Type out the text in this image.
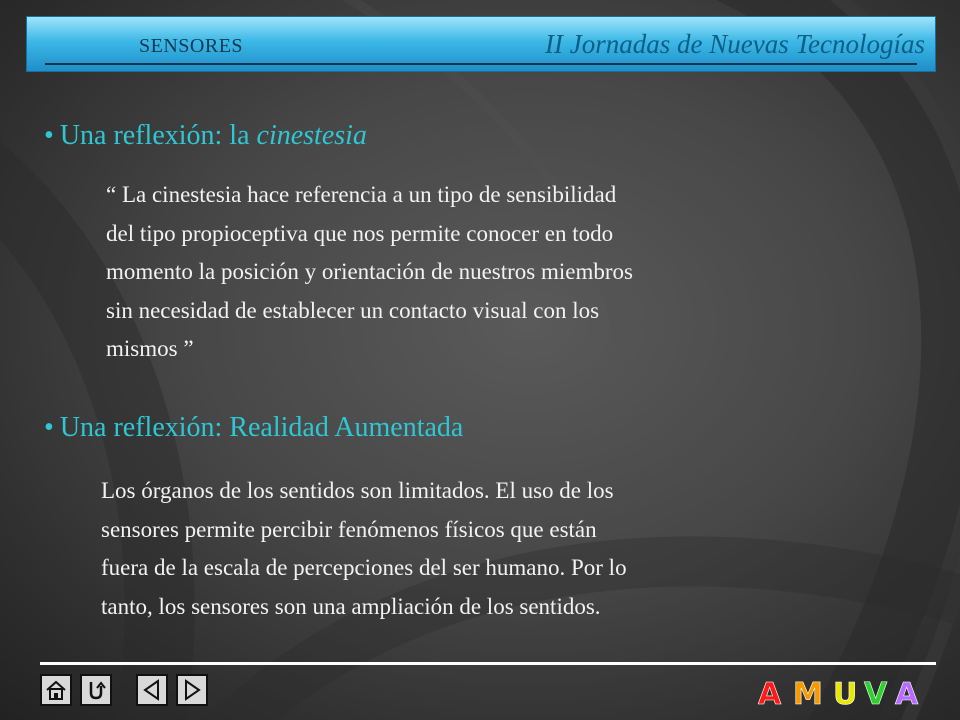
SENSORES	II Jornadas de Nuevas Tecnologías
• Una reflexión: la cinestesia
“ La cinestesia hace referencia a un tipo de sensibilidad
del tipo propioceptiva que nos permite conocer en todo
momento la posición y orientación de nuestros miembros
sin necesidad de establecer un contacto visual con los
mismos ”
• Una reflexión: Realidad Aumentada
Los órganos de los sentidos son limitados. El uso de los
sensores permite percibir fenómenos físicos que están
fuera de la escala de percepciones del ser humano. Por lo
tanto, los sensores son una ampliación de los sentidos.
A M U V A
